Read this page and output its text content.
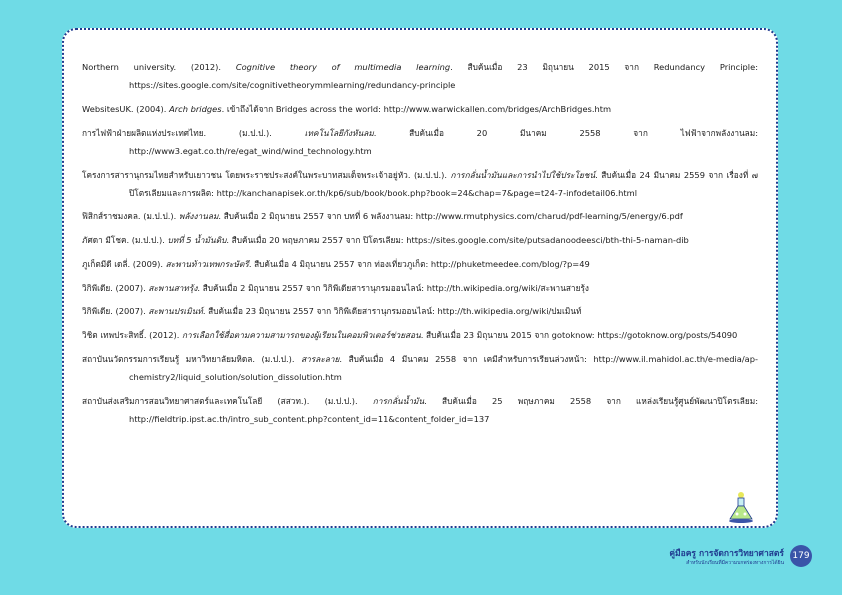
Northern university. (2012). Cognitive theory of multimedia learning. สืบค้นเมื่อ 23 มิถุนายน 2015 จาก Redundancy Principle: https://sites.google.com/site/cognitivetheorymmlearning/redundancy-principle
WebsitesUK. (2004). Arch bridges. เข้าถึงได้จาก Bridges across the world: http://www.warwickallen.com/bridges/ArchBridges.htm
การไฟฟ้าฝ่ายผลิตแห่งประเทศไทย. (ม.ป.ป.). เทคโนโลยีกังหันลม. สืบค้นเมื่อ 20 มีนาคม 2558 จาก ไฟฟ้าจากพลังงานลม: http://www3.egat.co.th/re/egat_wind/wind_technology.htm
โครงการสารานุกรมไทยสำหรับเยาวชน โดยพระราชประสงค์ในพระบาทสมเด็จพระเจ้าอยู่หัว. (ม.ป.ป.). การกลั่นน้ำมันและการนำไปใช้ประโยชน์. สืบค้นเมื่อ 24 มีนาคม 2559 จาก เรื่องที่ ๗ ปิโตรเลียมและการผลิต: http://kanchanapisek.or.th/kp6/sub/book/book.php?book=24&chap=7&page=t24-7-infodetail06.html
ฟิสิกส์ราชมงคล. (ม.ป.ป.). พลังงานลม. สืบค้นเมื่อ 2 มิถุนายน 2557 จาก บทที่ 6 พลังงานลม: http://www.rmutphysics.com/charud/pdf-learning/5/energy/6.pdf
ภัศดา มีโชค. (ม.ป.ป.). บทที่ 5 น้ำมันดิบ. สืบค้นเมื่อ 20 พฤษภาคม 2557 จาก ปิโตรเลียม: https://sites.google.com/site/putsadanoodeesci/bth-thi-5-naman-dib
ภูเก็ตมีดี เดลี่. (2009). สะพานท้าวเทพกระษัตรี. สืบค้นเมื่อ 4 มิถุนายน 2557 จาก ท่องเที่ยวภูเก็ต: http://phuketmeedee.com/blog/?p=49
วิกิพีเดีย. (2007). สะพานสาทรุ้ง. สืบค้นเมื่อ 2 มิถุนายน 2557 จาก วิกิพีเดียสารานุกรมออนไลน์: http://th.wikipedia.org/wiki/สะพานสายรุ้ง
วิกิพีเดีย. (2007). สะพานปรเมินท์. สืบค้นเมื่อ 23 มิถุนายน 2557 จาก วิกิพีเดียสารานุกรมออนไลน์: http://th.wikipedia.org/wiki/ปมเมินท์
วิชิต เทพประสิทธิ์. (2012). การเลือกใช้สื่อตามความสามารถของผู้เรียนในคอมพิวเตอร์ช่วยสอน. สืบค้นเมื่อ 23 มิถุนายน 2015 จาก gotoknow: https://gotoknow.org/posts/54090
สถาบันนวัตกรรมการเรียนรู้ มหาวิทยาลัยมหิดล. (ม.ป.ป.). สารละลาย. สืบค้นเมื่อ 4 มีนาคม 2558 จาก เคมีสำหรับการเรียนล่วงหน้า: http://www.il.mahidol.ac.th/e-media/ap-chemistry2/liquid_solution/solution_dissolution.htm
สถาบันส่งเสริมการสอนวิทยาศาสตร์และเทคโนโลยี (สสวท.). (ม.ป.ป.). การกลั่นน้ำมัน. สืบค้นเมื่อ 25 พฤษภาคม 2558 จาก แหล่งเรียนรู้ศูนย์พัฒนาปิโตรเลียม: http://fieldtrip.ipst.ac.th/intro_sub_content.php?content_id=11&content_folder_id=137
คู่มือครู การจัดการวิทยาศาสตร์
สำหรับนักเรียนที่มีความบกพร่องทางการได้ยิน
179
